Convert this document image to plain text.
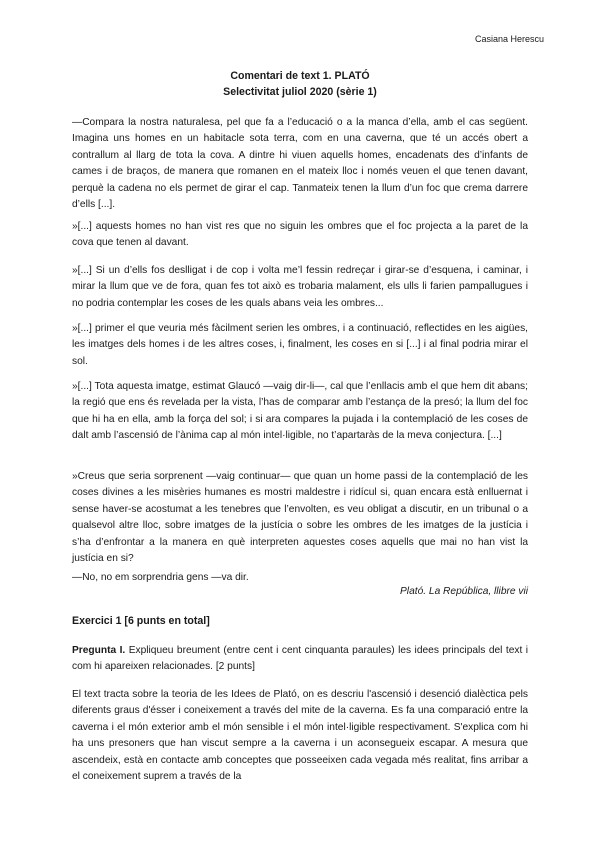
Casiana Herescu
Comentari de text 1. PLATÓ
Selectivitat juliol 2020 (sèrie 1)

—Compara la nostra naturalesa, pel que fa a l’educació o a la manca d’ella, amb el cas següent. Imagina uns homes en un habitacle sota terra, com en una caverna, que té un accés obert a contrallum al llarg de tota la cova. A dintre hi viuen aquells homes, encadenats des d’infants de cames i de braços, de manera que romanen en el mateix lloc i només veuen el que tenen davant, perquè la cadena no els permet de girar el cap. Tanmateix tenen la llum d’un foc que crema darrere d’ells [...].

»[...] aquests homes no han vist res que no siguin les ombres que el foc projecta a la paret de la cova que tenen al davant.

»[...] Si un d’ells fos deslligat i de cop i volta me’l fessin redreçar i girar-se d’esquena, i caminar, i mirar la llum que ve de fora, quan fes tot això es trobaria malament, els ulls li farien pampallugues i no podria contemplar les coses de les quals abans veia les ombres...

»[...] primer el que veuria més fàcilment serien les ombres, i a continuació, reflectides en les aigües, les imatges dels homes i de les altres coses, i, finalment, les coses en si [...] i al final podria mirar el sol.

»[...] Tota aquesta imatge, estimat Glaucó —vaig dir-li—, cal que l’enllacis amb el que hem dit abans; la regió que ens és revelada per la vista, l’has de comparar amb l’estança de la presó; la llum del foc que hi ha en ella, amb la força del sol; i si ara compares la pujada i la contemplació de les coses de dalt amb l’ascensió de l’ànima cap al món intel·ligible, no t’apartaràs de la meva conjectura. [...]

»Creus que seria sorprenent —vaig continuar— que quan un home passi de la contemplació de les coses divines a les misèries humanes es mostri maldestre i ridícul si, quan encara està enlluernat i sense haver-se acostumat a les tenebres que l’envolten, es veu obligat a discutir, en un tribunal o a qualsevol altre lloc, sobre imatges de la justícia o sobre les ombres de les imatges de la justícia i s’ha d’enfrontar a la manera en què interpreten aquestes coses aquells que mai no han vist la justícia en si?

—No, no em sorprendria gens —va dir.

Plató. La República, llibre vii
Exercici 1 [6 punts en total]

Pregunta I. Expliqueu breument (entre cent i cent cinquanta paraules) les idees principals del text i com hi apareixen relacionades. [2 punts]

El text tracta sobre la teoria de les Idees de Plató, on es descriu l'ascensió i desenció dialèctica pels diferents graus d'ésser i coneixement a través del mite de la caverna. Es fa una comparació entre la caverna i el món exterior amb el món sensible i el món intel·ligible respectivament. S'explica com hi ha uns presoners que han viscut sempre a la caverna i un aconsegueix escapar. A mesura que ascendeix, està en contacte amb conceptes que posseeixen cada vegada més realitat, fins arribar a el coneixement suprem a través de la
